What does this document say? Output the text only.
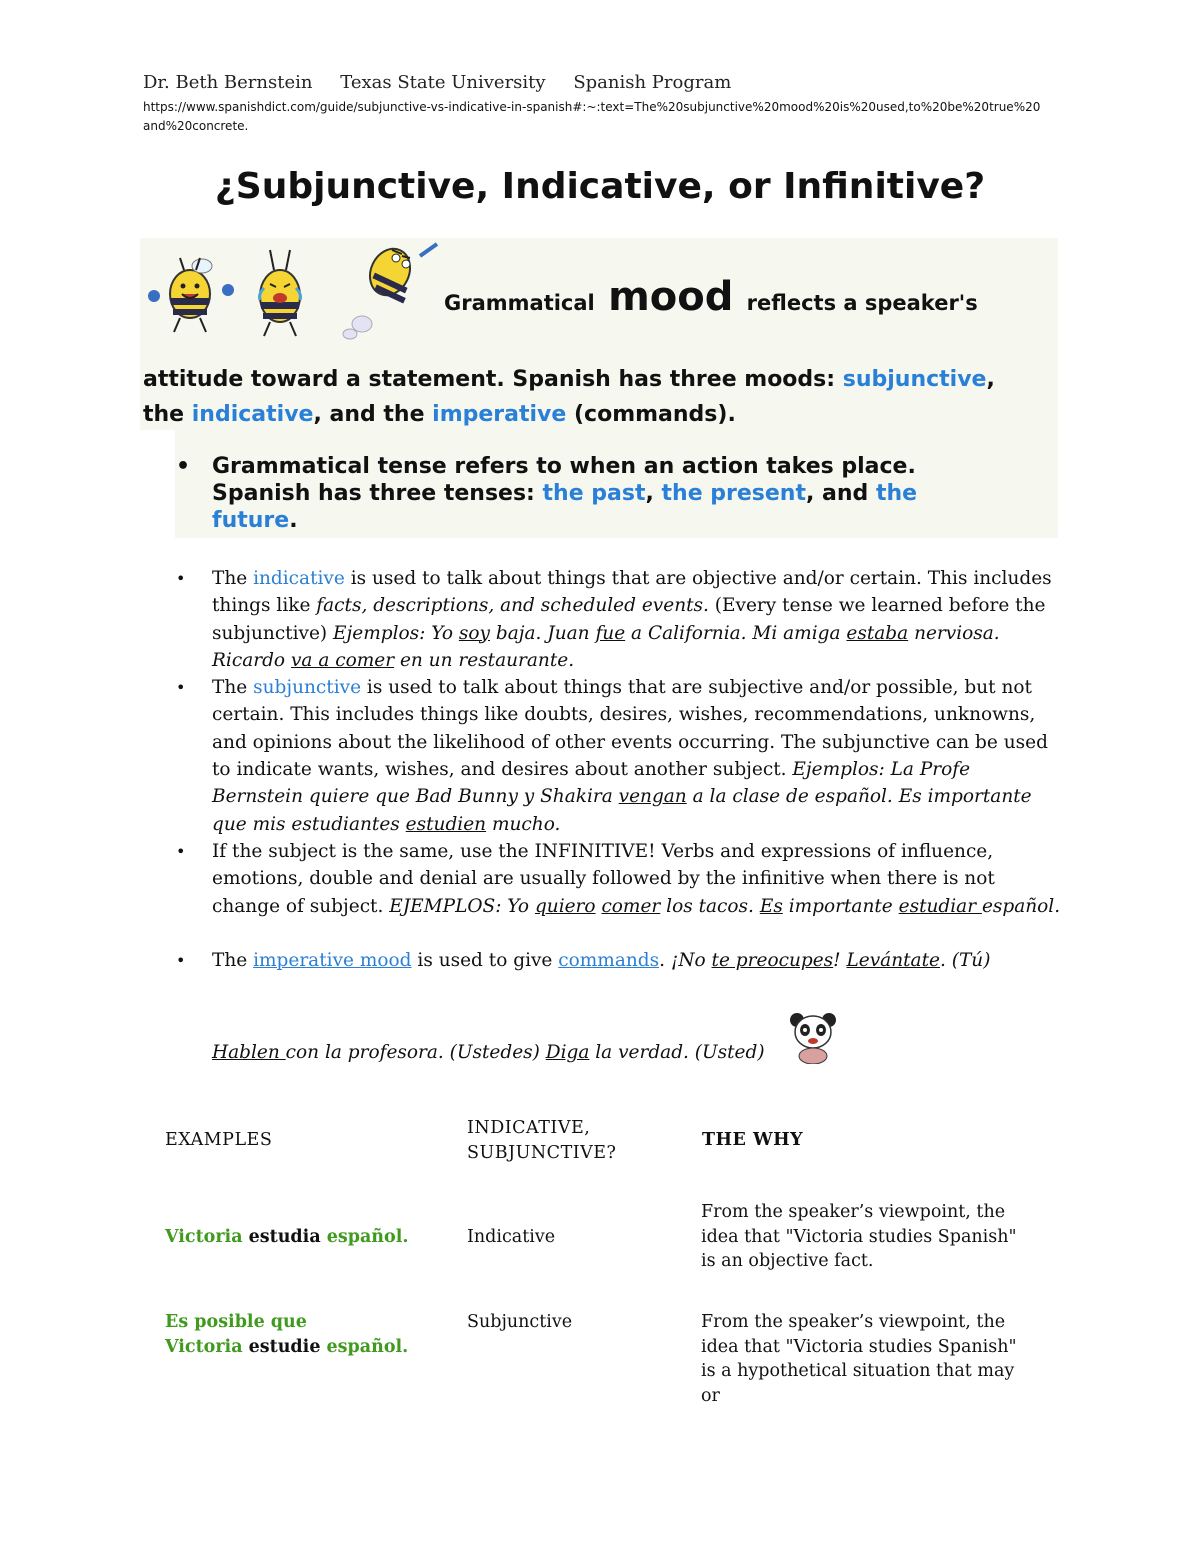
Dr. Beth Bernstein Texas State University Spanish Program
https://www.spanishdict.com/guide/subjunctive-vs-indicative-in-spanish#:~:text=The%20subjunctive%20mood%20is%20used,to%20be%20true%20and%20concrete.
¿Subjunctive, Indicative, or Infinitive?
Grammatical mood reflects a speaker's
attitude toward a statement. Spanish has three moods: subjunctive,
the indicative, and the imperative (commands).
• Grammatical tense refers to when an action takes place. Spanish has three tenses: the past, the present, and the future.
• The indicative is used to talk about things that are objective and/or certain. This includes things like facts, descriptions, and scheduled events. (Every tense we learned before the subjunctive) Ejemplos: Yo soy baja. Juan fue a California. Mi amiga estaba nerviosa. Ricardo va a comer en un restaurante.
• The subjunctive is used to talk about things that are subjective and/or possible, but not certain. This includes things like doubts, desires, wishes, recommendations, unknowns, and opinions about the likelihood of other events occurring. The subjunctive can be used to indicate wants, wishes, and desires about another subject. Ejemplos: La Profe Bernstein quiere que Bad Bunny y Shakira vengan a la clase de español. Es importante que mis estudiantes estudien mucho.
• If the subject is the same, use the INFINITIVE! Verbs and expressions of influence, emotions, double and denial are usually followed by the infinitive when there is not change of subject. EJEMPLOS: Yo quiero comer los tacos. Es importante estudiar español.
• The imperative mood is used to give commands. ¡No te preocupes! Levántate. (Tú)
Hablen con la profesora. (Ustedes) Diga la verdad. (Usted)
EXAMPLES
INDICATIVE, SUBJUNCTIVE?
THE WHY
Victoria estudia español.	Indicative
From the speaker’s viewpoint, the idea that "Victoria studies Spanish" is an objective fact.
Es posible que
Victoria estudie español.
Subjunctive	From the speaker’s viewpoint, the idea that "Victoria studies Spanish" is a hypothetical situation that may or
